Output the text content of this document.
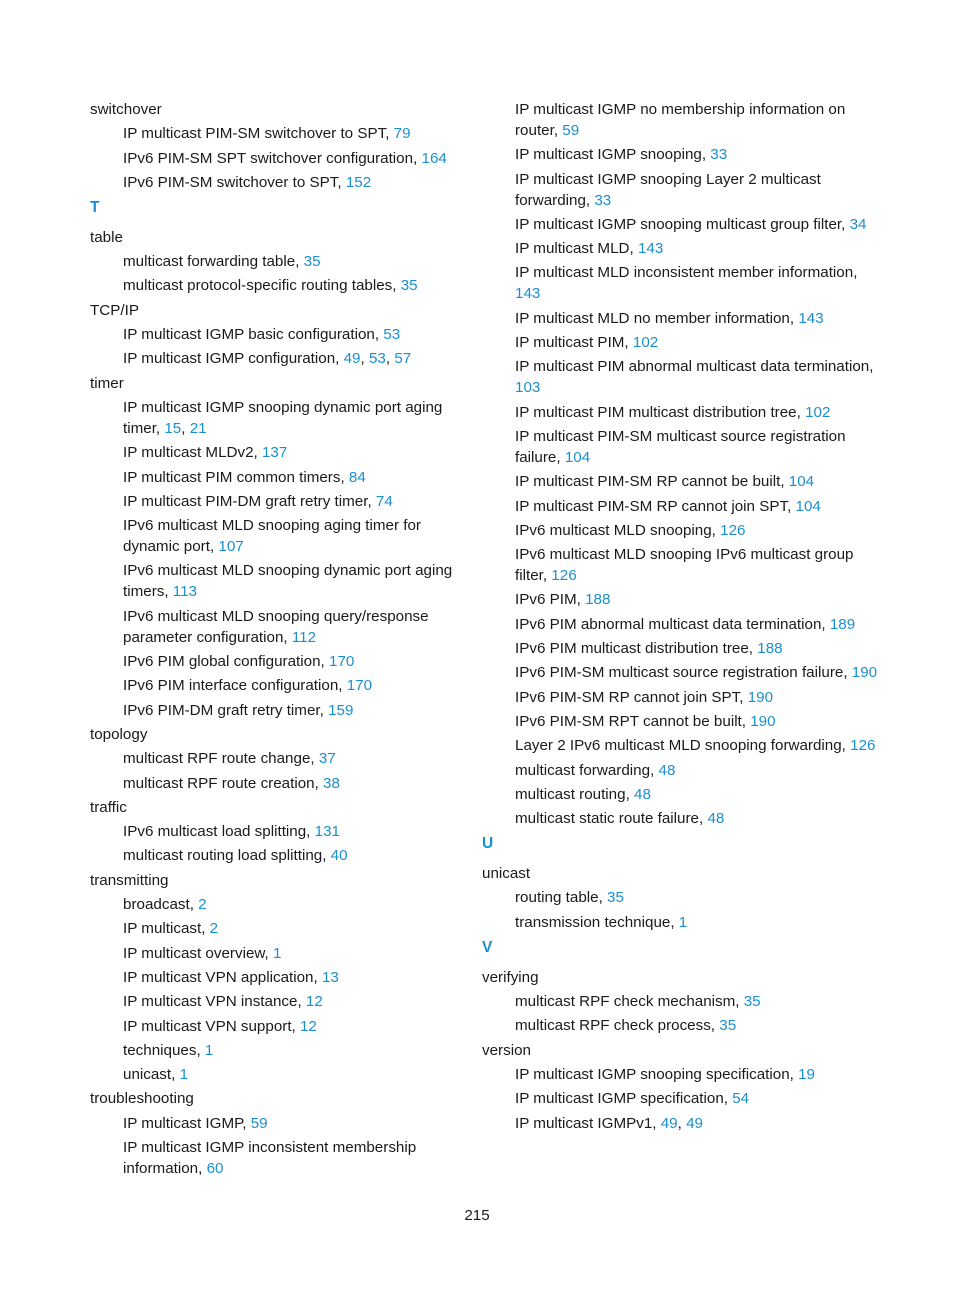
switchover
IP multicast PIM-SM switchover to SPT, 79
IPv6 PIM-SM SPT switchover configuration, 164
IPv6 PIM-SM switchover to SPT, 152
T
table
multicast forwarding table, 35
multicast protocol-specific routing tables, 35
TCP/IP
IP multicast IGMP basic configuration, 53
IP multicast IGMP configuration, 49, 53, 57
timer
IP multicast IGMP snooping dynamic port aging timer, 15, 21
IP multicast MLDv2, 137
IP multicast PIM common timers, 84
IP multicast PIM-DM graft retry timer, 74
IPv6 multicast MLD snooping aging timer for dynamic port, 107
IPv6 multicast MLD snooping dynamic port aging timers, 113
IPv6 multicast MLD snooping query/response parameter configuration, 112
IPv6 PIM global configuration, 170
IPv6 PIM interface configuration, 170
IPv6 PIM-DM graft retry timer, 159
topology
multicast RPF route change, 37
multicast RPF route creation, 38
traffic
IPv6 multicast load splitting, 131
multicast routing load splitting, 40
transmitting
broadcast, 2
IP multicast, 2
IP multicast overview, 1
IP multicast VPN application, 13
IP multicast VPN instance, 12
IP multicast VPN support, 12
techniques, 1
unicast, 1
troubleshooting
IP multicast IGMP, 59
IP multicast IGMP inconsistent membership information, 60
IP multicast IGMP no membership information on router, 59
IP multicast IGMP snooping, 33
IP multicast IGMP snooping Layer 2 multicast forwarding, 33
IP multicast IGMP snooping multicast group filter, 34
IP multicast MLD, 143
IP multicast MLD inconsistent member information, 143
IP multicast MLD no member information, 143
IP multicast PIM, 102
IP multicast PIM abnormal multicast data termination, 103
IP multicast PIM multicast distribution tree, 102
IP multicast PIM-SM multicast source registration failure, 104
IP multicast PIM-SM RP cannot be built, 104
IP multicast PIM-SM RP cannot join SPT, 104
IPv6 multicast MLD snooping, 126
IPv6 multicast MLD snooping IPv6 multicast group filter, 126
IPv6 PIM, 188
IPv6 PIM abnormal multicast data termination, 189
IPv6 PIM multicast distribution tree, 188
IPv6 PIM-SM multicast source registration failure, 190
IPv6 PIM-SM RP cannot join SPT, 190
IPv6 PIM-SM RPT cannot be built, 190
Layer 2 IPv6 multicast MLD snooping forwarding, 126
multicast forwarding, 48
multicast routing, 48
multicast static route failure, 48
U
unicast
routing table, 35
transmission technique, 1
V
verifying
multicast RPF check mechanism, 35
multicast RPF check process, 35
version
IP multicast IGMP snooping specification, 19
IP multicast IGMP specification, 54
IP multicast IGMPv1, 49, 49
215
